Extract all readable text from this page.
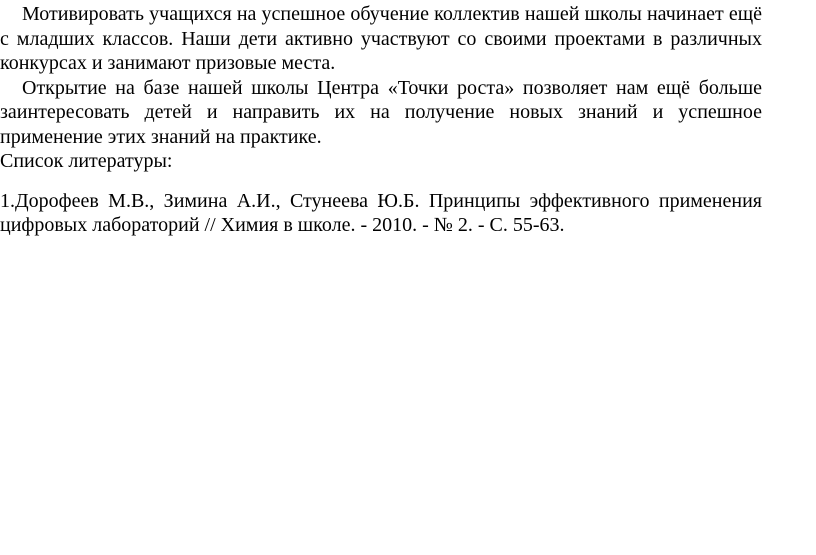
Мотивировать учащихся на успешное обучение коллектив нашей школы начинает ещё с младших классов. Наши дети активно участвуют со своими проектами в различных конкурсах и занимают призовые места.

Открытие на базе нашей школы Центра «Точки роста» позволяет нам ещё больше заинтересовать детей и направить их на получение новых знаний и успешное применение этих знаний на практике.

Список литературы:

1.Дорофеев М.В., Зимина А.И., Стунеева Ю.Б. Принципы эффективного применения цифровых лабораторий // Химия в школе. - 2010. - № 2. - С. 55-63.
